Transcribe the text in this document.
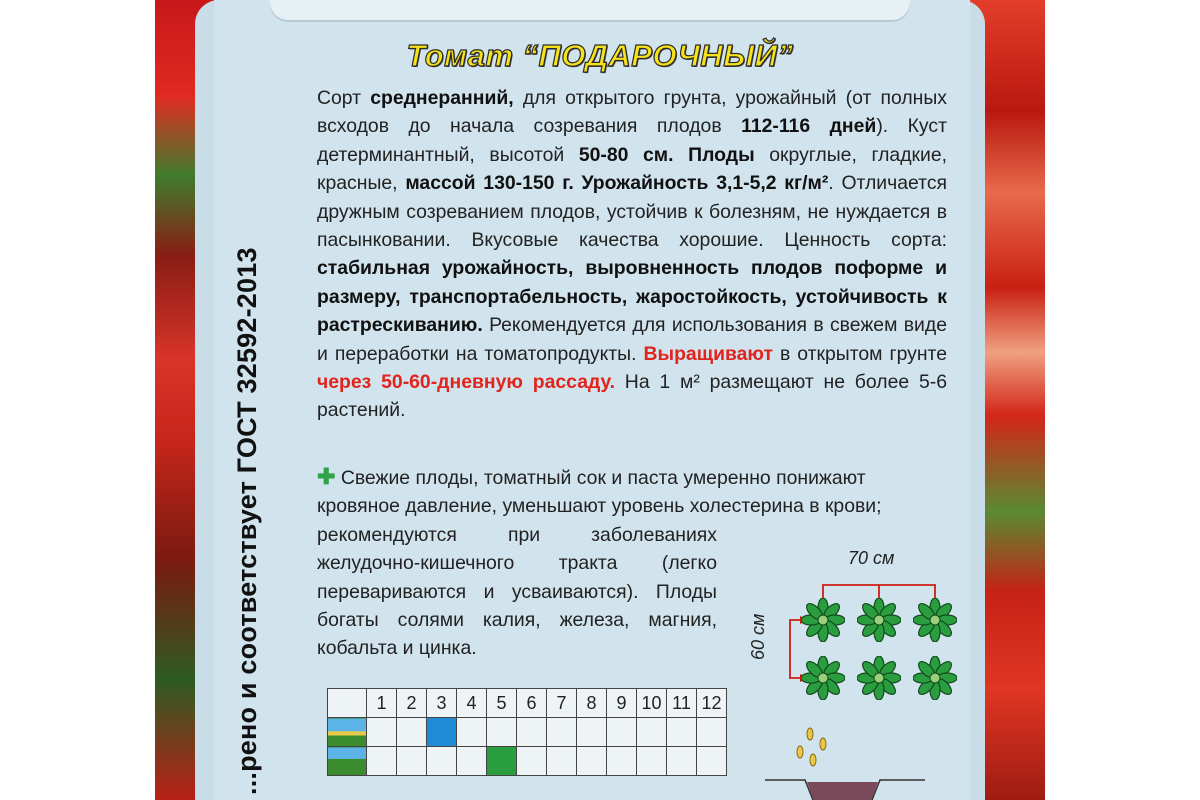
...рено и соответствует ГОСТ 32592-2013
Томат “ПОДАРОЧНЫЙ”
Сорт среднеранний, для открытого грунта, урожайный (от полных всходов до начала созревания плодов 112-116 дней). Куст детерминантный, высотой 50-80 см. Плоды округлые, гладкие, красные, массой 130-150 г. Урожайность 3,1-5,2 кг/м². Отличается дружным созреванием плодов, устойчив к болезням, не нуждается в пасынковании. Вкусовые качества хорошие. Ценность сорта: стабильная урожайность, выровненность плодов поформе и размеру, транспортабельность, жаростойкость, устойчивость к растрескиванию. Рекомендуется для использования в свежем виде и переработки на томатопродукты. Выращивают в открытом грунте через 50-60-дневную рассаду. На 1 м² размещают не более 5-6 растений.
✚ Свежие плоды, томатный сок и паста умеренно понижают кровяное давление, уменьшают уровень холестерина в крови;
рекомендуются при заболеваниях желудочно-кишечного тракта (легко перевариваются и усваиваются). Плоды богаты солями калия, железа, магния, кобальта и цинка.
70 см
60 см
	1	2	3	4	5	6	7	8	9	10	11	12
